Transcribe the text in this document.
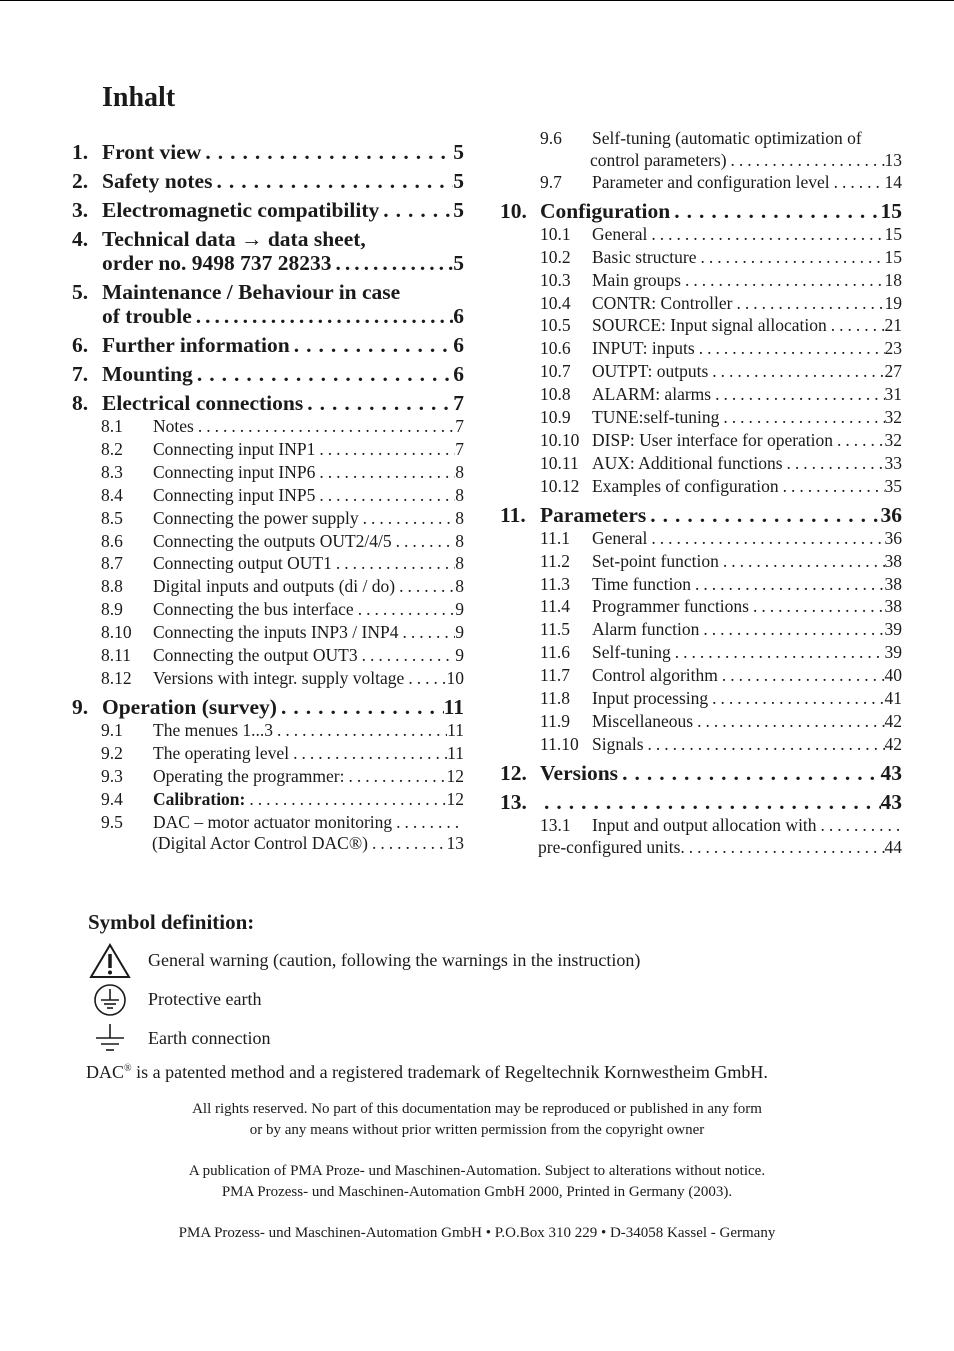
Inhalt
1. Front view .....	5
2. Safety notes .....	5
3. Electromagnetic compatibility .....	5
4. Technical data → data sheet,
order no. 9498 737 28233 .....	5
5. Maintenance / Behaviour in case
of trouble .....	6
6. Further information .....	6
7. Mounting .....	6
8. Electrical connections .....	7
8.1	Notes .....	7
8.2	Connecting input INP1 .....	7
8.3	Connecting input INP6 .....	8
8.4	Connecting input INP5 .....	8
8.5	Connecting the power supply .....	8
8.6	Connecting the outputs OUT2/4/5 .....	8
8.7	Connecting output OUT1 .....	8
8.8	Digital inputs and outputs (di / do) .....	8
8.9	Connecting the bus interface .....	9
8.10	Connecting the inputs INP3 / INP4 .....	9
8.11	Connecting the output OUT3 .....	9
8.12	Versions with integr. supply voltage ..... 10
9. Operation (survey) .....	11
9.1	The menues 1...3 .....	11
9.2	The operating level .....	11
9.3	Operating the programmer: .....	12
9.4	Calibration: .....	12
9.5	DAC – motor actuator monitoring
.....
(Digital Actor Control DAC®) .....	13
9.6	Self-tuning (automatic optimization of
control parameters) .....	13
9.7	Parameter and configuration level .....	14
10. Configuration .....	15
10.1	General .....	15
10.2	Basic structure .....	15
10.3	Main groups .....	18
10.4	CONTR: Controller .....	19
10.5	SOURCE: Input signal allocation .....	21
10.6	INPUT: inputs .....	23
10.7	OUTPT: outputs .....	27
10.8	ALARM: alarms .....	31
10.9	TUNE:self-tuning .....	32
10.10 DISP: User interface for operation .....	32
10.11 AUX: Additional functions .....	33
10.12 Examples of configuration .....	35
11. Parameters .....	36
11.1	General .....	36
11.2	Set-point function .....	38
11.3	Time function .....	38
11.4	Programmer functions .....	38
11.5	Alarm function .....	39
11.6	Self-tuning .....	39
11.7	Control algorithm .....	40
11.8	Input processing .....	41
11.9	Miscellaneous .....	42
11.10 Signals .....	42
12. Versions .....	43
13. .....	43
13.1	Input and output allocation with
.....
pre-configured units. .....	44
Symbol definition:
General warning (caution, following the warnings in the instruction)
Protective earth
Earth connection
DAC® is a patented method and a registered trademark of Regeltechnik Kornwestheim GmbH.
All rights reserved. No part of this documentation may be reproduced or published in any form
or by any means without prior written permission from the copyright owner
A publication of PMA Proze- und Maschinen-Automation. Subject to alterations without notice.
PMA Prozess- und Maschinen-Automation GmbH 2000, Printed in Germany (2003).
PMA Prozess- und Maschinen-Automation GmbH • P.O.Box 310 229 • D-34058 Kassel - Germany
